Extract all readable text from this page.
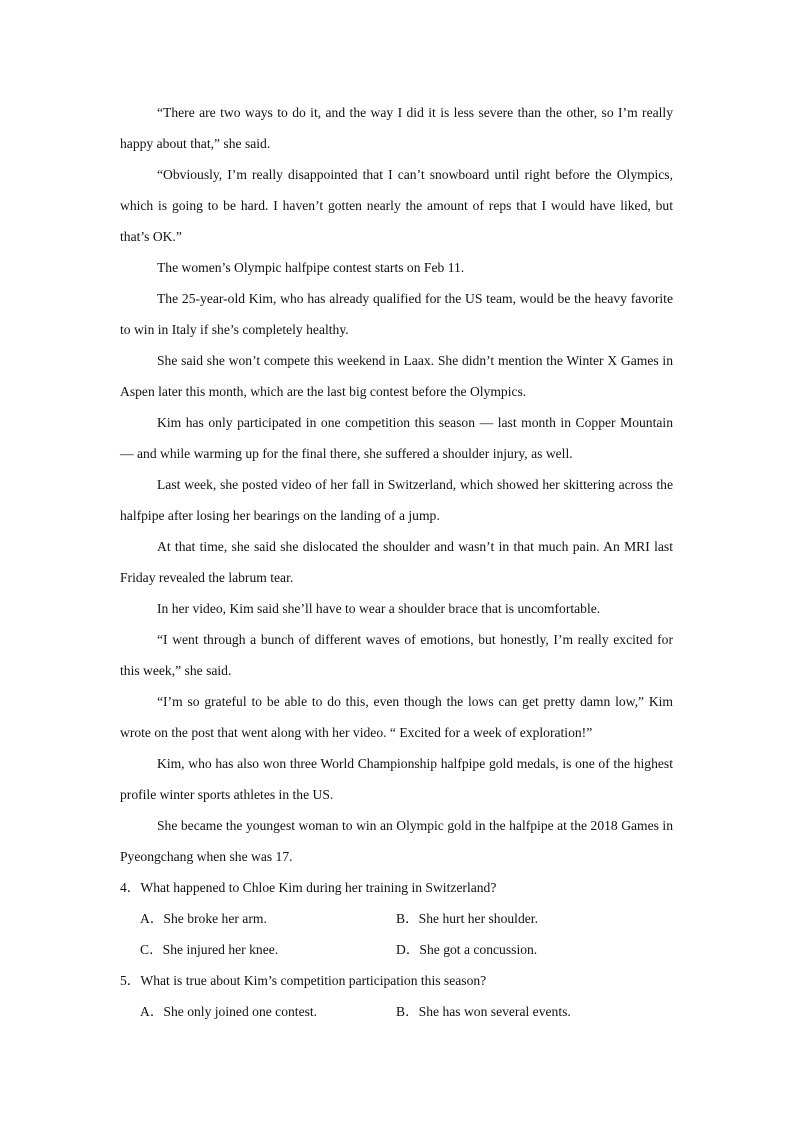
“There are two ways to do it, and the way I did it is less severe than the other, so I’m really happy about that,” she said.

“Obviously, I’m really disappointed that I can’t snowboard until right before the Olympics, which is going to be hard. I haven’t gotten nearly the amount of reps that I would have liked, but that’s OK.”

The women’s Olympic halfpipe contest starts on Feb 11.

The 25-year-old Kim, who has already qualified for the US team, would be the heavy favorite to win in Italy if she’s completely healthy.

She said she won’t compete this weekend in Laax. She didn’t mention the Winter X Games in Aspen later this month, which are the last big contest before the Olympics.

Kim has only participated in one competition this season — last month in Copper Mountain — and while warming up for the final there, she suffered a shoulder injury, as well.

Last week, she posted video of her fall in Switzerland, which showed her skittering across the halfpipe after losing her bearings on the landing of a jump.

At that time, she said she dislocated the shoulder and wasn’t in that much pain. An MRI last Friday revealed the labrum tear.

In her video, Kim said she’ll have to wear a shoulder brace that is uncomfortable.

“I went through a bunch of different waves of emotions, but honestly, I’m really excited for this week,” she said.

“I’m so grateful to be able to do this, even though the lows can get pretty damn low,” Kim wrote on the post that went along with her video. “ Excited for a week of exploration!”

Kim, who has also won three World Championship halfpipe gold medals, is one of the highest profile winter sports athletes in the US.

She became the youngest woman to win an Olympic gold in the halfpipe at the 2018 Games in Pyeongchang when she was 17.

4．What happened to Chloe Kim during her training in Switzerland?

A．She broke her arm.	B．She hurt her shoulder.
C．She injured her knee.	D．She got a concussion.

5．What is true about Kim’s competition participation this season?

A．She only joined one contest.	B．She has won several events.
